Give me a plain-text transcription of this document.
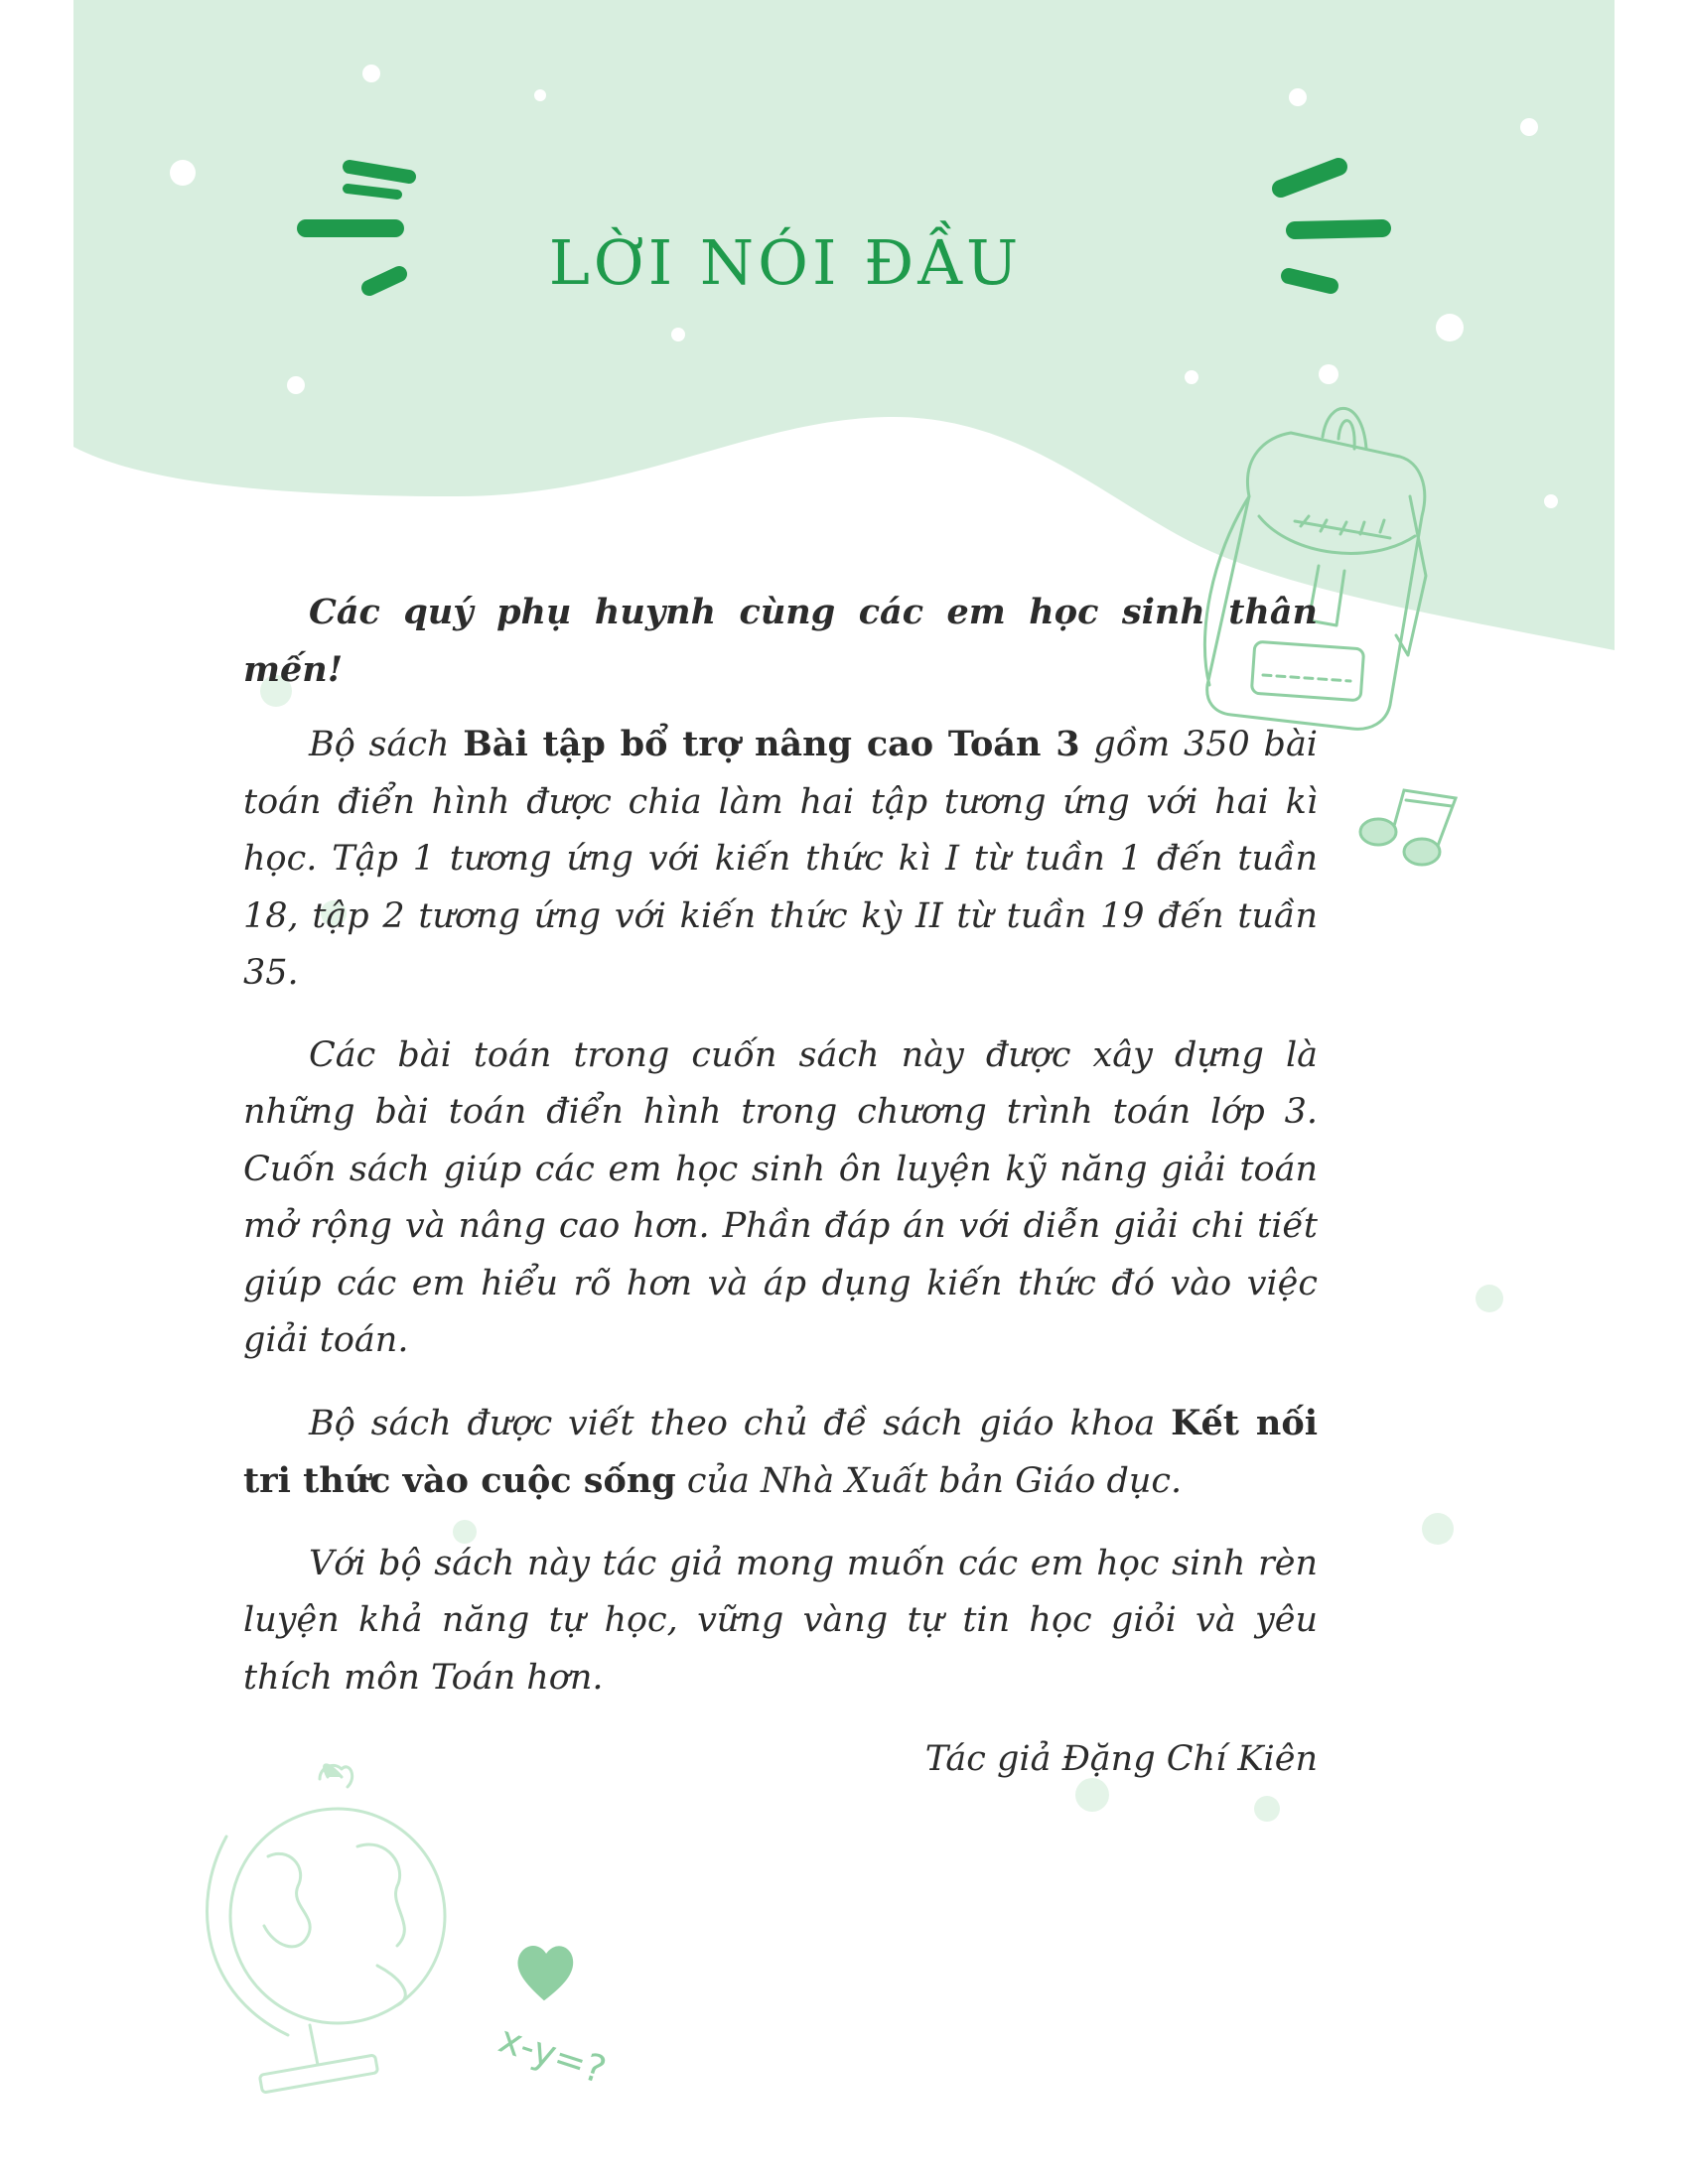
x-y=?
LỜI NÓI ĐẦU

Các quý phụ huynh cùng các em học sinh thân mến!

Bộ sách Bài tập bổ trợ nâng cao Toán 3 gồm 350 bài toán điển hình được chia làm hai tập tương ứng với hai kì học. Tập 1 tương ứng với kiến thức kì I từ tuần 1 đến tuần 18, tập 2 tương ứng với kiến thức kỳ II từ tuần 19 đến tuần 35.

Các bài toán trong cuốn sách này được xây dựng là những bài toán điển hình trong chương trình toán lớp 3. Cuốn sách giúp các em học sinh ôn luyện kỹ năng giải toán mở rộng và nâng cao hơn. Phần đáp án với diễn giải chi tiết giúp các em hiểu rõ hơn và áp dụng kiến thức đó vào việc giải toán.

Bộ sách được viết theo chủ đề sách giáo khoa Kết nối tri thức vào cuộc sống của Nhà Xuất bản Giáo dục.

Với bộ sách này tác giả mong muốn các em học sinh rèn luyện khả năng tự học, vững vàng tự tin học giỏi và yêu thích môn Toán hơn.

Tác giả Đặng Chí Kiên
